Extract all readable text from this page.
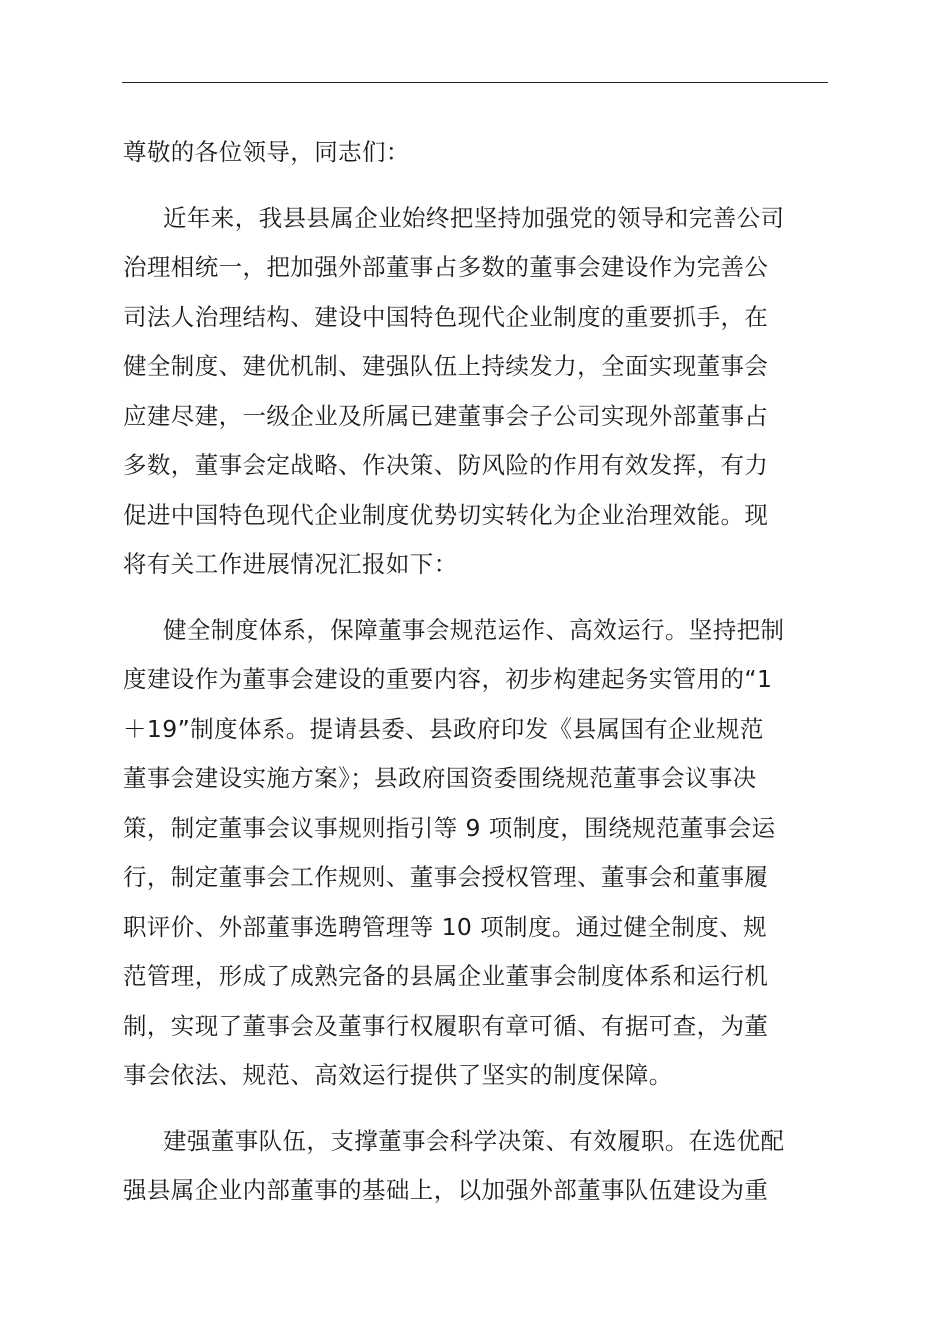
尊敬的各位领导，同志们：
近年来，我县县属企业始终把坚持加强党的领导和完善公司
治理相统一，把加强外部董事占多数的董事会建设作为完善公
司法人治理结构、建设中国特色现代企业制度的重要抓手，在
健全制度、建优机制、建强队伍上持续发力，全面实现董事会
应建尽建，一级企业及所属已建董事会子公司实现外部董事占
多数，董事会定战略、作决策、防风险的作用有效发挥，有力
促进中国特色现代企业制度优势切实转化为企业治理效能。现
将有关工作进展情况汇报如下：
健全制度体系，保障董事会规范运作、高效运行。坚持把制
度建设作为董事会建设的重要内容，初步构建起务实管用的“1
＋19”制度体系。提请县委、县政府印发《县属国有企业规范
董事会建设实施方案》；县政府国资委围绕规范董事会议事决
策，制定董事会议事规则指引等 9 项制度，围绕规范董事会运
行，制定董事会工作规则、董事会授权管理、董事会和董事履
职评价、外部董事选聘管理等 10 项制度。通过健全制度、规
范管理，形成了成熟完备的县属企业董事会制度体系和运行机
制，实现了董事会及董事行权履职有章可循、有据可查，为董
事会依法、规范、高效运行提供了坚实的制度保障。
建强董事队伍，支撑董事会科学决策、有效履职。在选优配
强县属企业内部董事的基础上，以加强外部董事队伍建设为重
